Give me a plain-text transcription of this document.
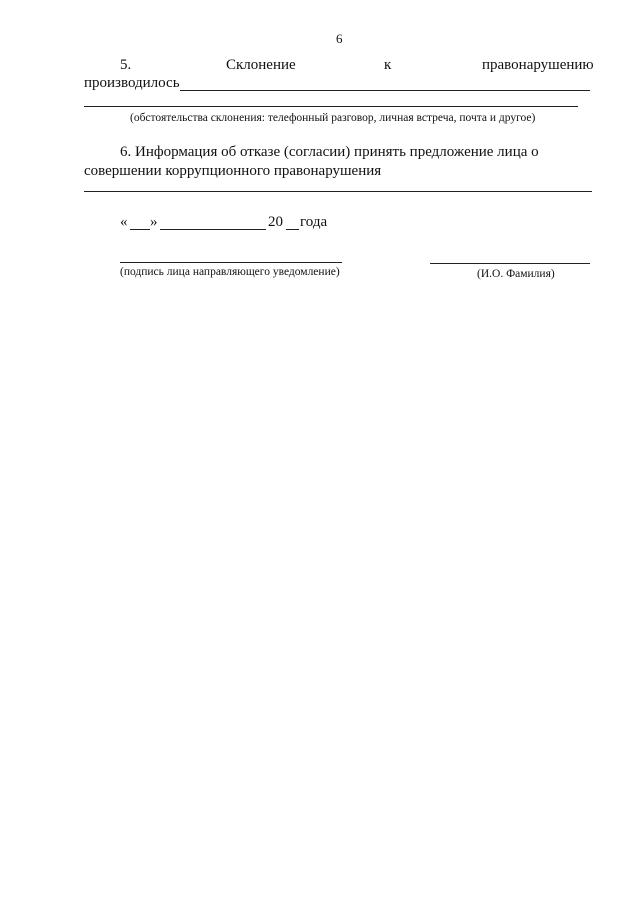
6
5.	Склонение	к	правонарушению
производилось
(обстоятельства склонения: телефонный разговор, личная встреча, почта и другое)
6. Информация об отказе (согласии) принять предложение лица о
совершении коррупционного правонарушения
« »	20 года
(подпись лица направляющего уведомление)	(И.О. Фамилия)
